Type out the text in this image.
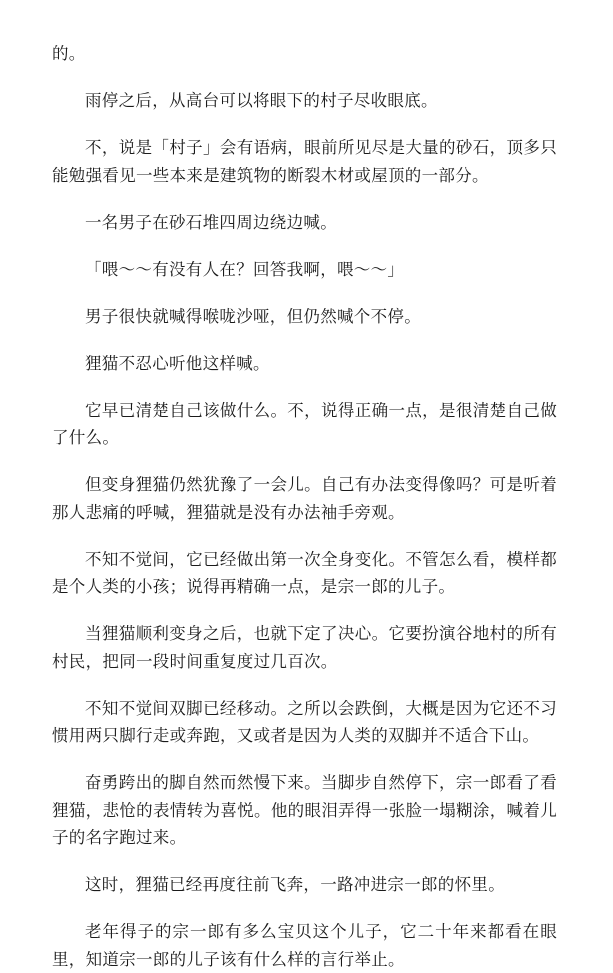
的。

雨停之后，从高台可以将眼下的村子尽收眼底。

不，说是「村子」会有语病，眼前所见尽是大量的砂石，顶多只能勉强看见一些本来是建筑物的断裂木材或屋顶的一部分。

一名男子在砂石堆四周边绕边喊。

「喂～～有没有人在？回答我啊，喂～～」

男子很快就喊得喉咙沙哑，但仍然喊个不停。

狸猫不忍心听他这样喊。

它早已清楚自己该做什么。不，说得正确一点，是很清楚自己做了什么。

但变身狸猫仍然犹豫了一会儿。自己有办法变得像吗？可是听着那人悲痛的呼喊，狸猫就是没有办法袖手旁观。

不知不觉间，它已经做出第一次全身变化。不管怎么看，模样都是个人类的小孩；说得再精确一点，是宗一郎的儿子。

当狸猫顺利变身之后，也就下定了决心。它要扮演谷地村的所有村民，把同一段时间重复度过几百次。

不知不觉间双脚已经移动。之所以会跌倒，大概是因为它还不习惯用两只脚行走或奔跑，又或者是因为人类的双脚并不适合下山。

奋勇跨出的脚自然而然慢下来。当脚步自然停下，宗一郎看了看狸猫，悲怆的表情转为喜悦。他的眼泪弄得一张脸一塌糊涂，喊着儿子的名字跑过来。

这时，狸猫已经再度往前飞奔，一路冲进宗一郎的怀里。

老年得子的宗一郎有多么宝贝这个儿子，它二十年来都看在眼里，知道宗一郎的儿子该有什么样的言行举止。
